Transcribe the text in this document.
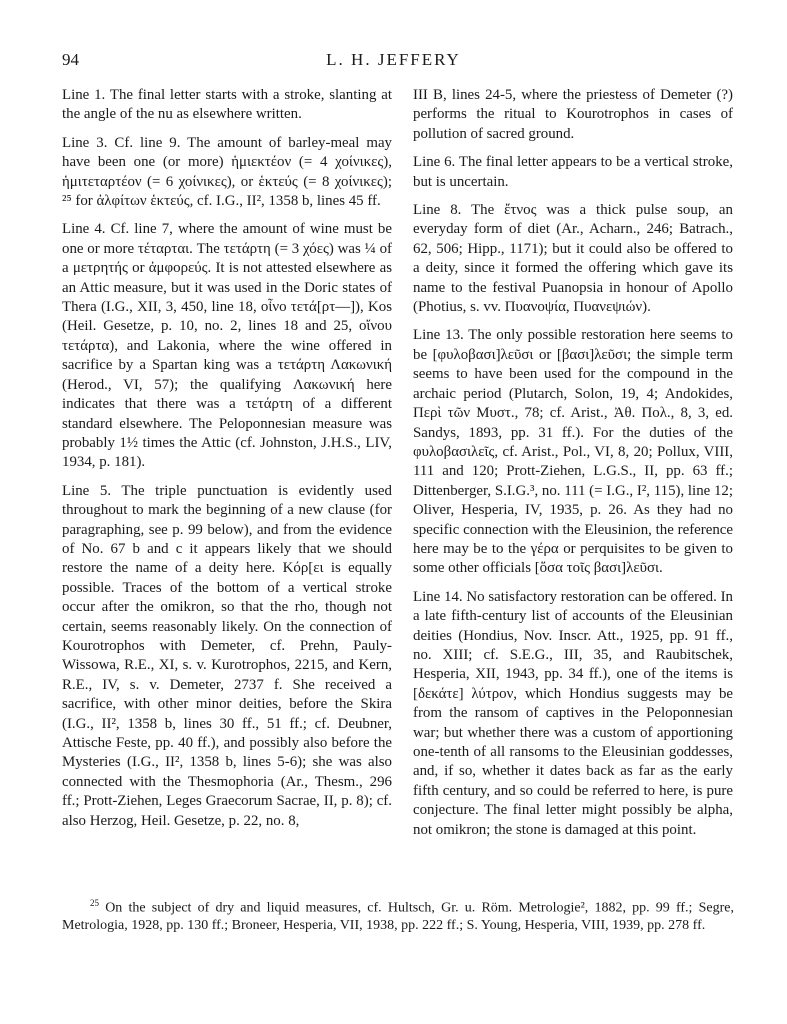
94	L. H. JEFFERY

Line 1. The final letter starts with a stroke, slanting at the angle of the nu as elsewhere written.

Line 3. Cf. line 9. The amount of barley-meal may have been one (or more) ἡμιεκτέον (= 4 χοίνικες), ἡμιτεταρτέον (= 6 χοίνικες), or ἑκτεύς (= 8 χοίνικες); ²⁵ for ἀλφίτων ἑκτεύς, cf. I.G., II², 1358 b, lines 45 ff.

Line 4. Cf. line 7, where the amount of wine must be one or more τέταρται. The τετάρτη (= 3 χόες) was ¼ of a μετρητής or ἀμφορεύς. It is not attested elsewhere as an Attic measure, but it was used in the Doric states of Thera (I.G., XII, 3, 450, line 18, οἶνο τετά[ρτ––]), Kos (Heil. Gesetze, p. 10, no. 2, lines 18 and 25, οἴνου τετάρτα), and Lakonia, where the wine offered in sacrifice by a Spartan king was a τετάρτη Λακωνική (Herod., VI, 57); the qualifying Λακωνική here indicates that there was a τετάρτη of a different standard elsewhere. The Peloponnesian measure was probably 1½ times the Attic (cf. Johnston, J.H.S., LIV, 1934, p. 181).

Line 5. The triple punctuation is evidently used throughout to mark the beginning of a new clause (for paragraphing, see p. 99 below), and from the evidence of No. 67 b and c it appears likely that we should restore the name of a deity here. Κόρ[ει is equally possible. Traces of the bottom of a vertical stroke occur after the omikron, so that the rho, though not certain, seems reasonably likely. On the connection of Kourotrophos with Demeter, cf. Prehn, Pauly-Wissowa, R.E., XI, s. v. Kurotrophos, 2215, and Kern, R.E., IV, s. v. Demeter, 2737 f. She received a sacrifice, with other minor deities, before the Skira (I.G., II², 1358 b, lines 30 ff., 51 ff.; cf. Deubner, Attische Feste, pp. 40 ff.), and possibly also before the Mysteries (I.G., II², 1358 b, lines 5-6); she was also connected with the Thesmophoria (Ar., Thesm., 296 ff.; Prott-Ziehen, Leges Graecorum Sacrae, II, p. 8); cf. also Herzog, Heil. Gesetze, p. 22, no. 8,

III B, lines 24-5, where the priestess of Demeter (?) performs the ritual to Kourotrophos in cases of pollution of sacred ground.

Line 6. The final letter appears to be a vertical stroke, but is uncertain.

Line 8. The ἔτνος was a thick pulse soup, an everyday form of diet (Ar., Acharn., 246; Batrach., 62, 506; Hipp., 1171); but it could also be offered to a deity, since it formed the offering which gave its name to the festival Puanopsia in honour of Apollo (Photius, s. vv. Πυανοψία, Πυανεψιών).

Line 13. The only possible restoration here seems to be [φυλοβασι]λεῦσι or [βασι]λεῦσι; the simple term seems to have been used for the compound in the archaic period (Plutarch, Solon, 19, 4; Andokides, Περὶ τῶν Μυστ., 78; cf. Arist., Ἀθ. Πολ., 8, 3, ed. Sandys, 1893, pp. 31 ff.). For the duties of the φυλοβασιλεῖς, cf. Arist., Pol., VI, 8, 20; Pollux, VIII, 111 and 120; Prott-Ziehen, L.G.S., II, pp. 63 ff.; Dittenberger, S.I.G.³, no. 111 (= I.G., I², 115), line 12; Oliver, Hesperia, IV, 1935, p. 26. As they had no specific connection with the Eleusinion, the reference here may be to the γέρα or perquisites to be given to some other officials [ὅσα τοῖς βασι]λεῦσι.

Line 14. No satisfactory restoration can be offered. In a late fifth-century list of accounts of the Eleusinian deities (Hondius, Nov. Inscr. Att., 1925, pp. 91 ff., no. XIII; cf. S.E.G., III, 35, and Raubitschek, Hesperia, XII, 1943, pp. 34 ff.), one of the items is [δεκάτε] λύτρον, which Hondius suggests may be from the ransom of captives in the Peloponnesian war; but whether there was a custom of apportioning one-tenth of all ransoms to the Eleusinian goddesses, and, if so, whether it dates back as far as the early fifth century, and so could be referred to here, is pure conjecture. The final letter might possibly be alpha, not omikron; the stone is damaged at this point.

$^{25}$ On the subject of dry and liquid measures, cf. Hultsch, Gr. u. Röm. Metrologie², 1882, pp. 99 ff.; Segre, Metrologia, 1928, pp. 130 ff.; Broneer, Hesperia, VII, 1938, pp. 222 ff.; S. Young, Hesperia, VIII, 1939, pp. 278 ff.
